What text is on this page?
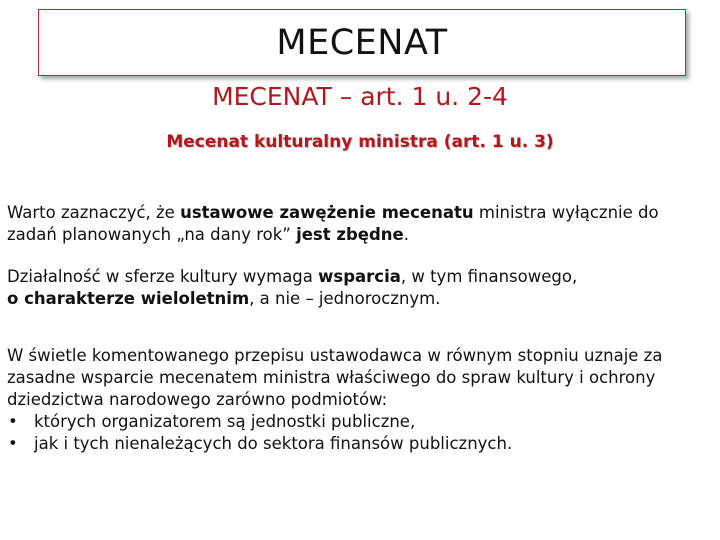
MECENAT
MECENAT – art. 1 u. 2-4
Mecenat kulturalny ministra (art. 1 u. 3)

Warto zaznaczyć, że ustawowe zawężenie mecenatu ministra wyłącznie do zadań planowanych „na dany rok” jest zbędne.

Działalność w sferze kultury wymaga wsparcia, w tym finansowego,
o charakterze wieloletnim, a nie – jednorocznym.

W świetle komentowanego przepisu ustawodawca w równym stopniu uznaje za zasadne wsparcie mecenatem ministra właściwego do spraw kultury i ochrony dziedzictwa narodowego zarówno podmiotów:
• których organizatorem są jednostki publiczne,
• jak i tych nienależących do sektora finansów publicznych.
